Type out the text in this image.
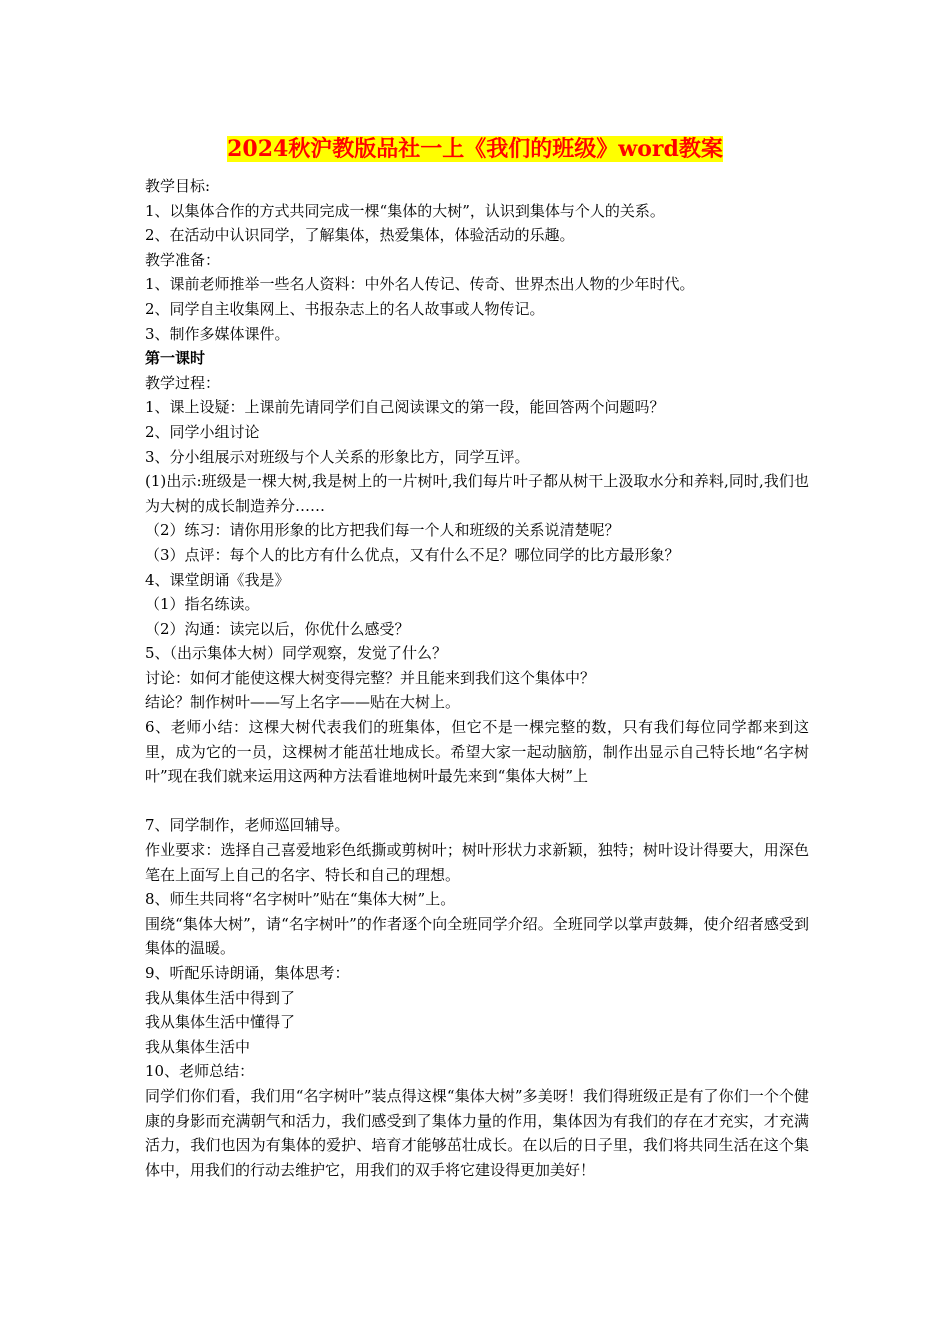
2024秋沪教版品社一上《我们的班级》word教案
教学目标:
1、以集体合作的方式共同完成一棵“集体的大树”，认识到集体与个人的关系。
2、在活动中认识同学，了解集体，热爱集体，体验活动的乐趣。
教学准备：
1、课前老师推举一些名人资料：中外名人传记、传奇、世界杰出人物的少年时代。
2、同学自主收集网上、书报杂志上的名人故事或人物传记。
3、制作多媒体课件。
第一课时
教学过程：
1、课上设疑：上课前先请同学们自己阅读课文的第一段，能回答两个问题吗？
2、同学小组讨论
3、分小组展示对班级与个人关系的形象比方，同学互评。
(1)出示:班级是一棵大树,我是树上的一片树叶,我们每片叶子都从树干上汲取水分和养料,同时,我们也为大树的成长制造养分……
（2）练习：请你用形象的比方把我们每一个人和班级的关系说清楚呢？
（3）点评：每个人的比方有什么优点，又有什么不足？哪位同学的比方最形象？
4、课堂朗诵《我是》
（1）指名练读。
（2）沟通：读完以后，你优什么感受？
5、（出示集体大树）同学观察，发觉了什么？
讨论：如何才能使这棵大树变得完整？并且能来到我们这个集体中？
结论？制作树叶——写上名字——贴在大树上。
6、老师小结：这棵大树代表我们的班集体，但它不是一棵完整的数，只有我们每位同学都来到这里，成为它的一员，这棵树才能茁壮地成长。希望大家一起动脑筋，制作出显示自己特长地“名字树叶”现在我们就来运用这两种方法看谁地树叶最先来到“集体大树”上
7、同学制作，老师巡回辅导。
作业要求：选择自己喜爱地彩色纸撕或剪树叶；树叶形状力求新颖，独特；树叶设计得要大，用深色笔在上面写上自己的名字、特长和自己的理想。
8、师生共同将“名字树叶”贴在“集体大树”上。
围绕“集体大树”，请“名字树叶”的作者逐个向全班同学介绍。全班同学以掌声鼓舞，使介绍者感受到集体的温暖。
9、听配乐诗朗诵，集体思考：
我从集体生活中得到了
我从集体生活中懂得了
我从集体生活中
10、老师总结：
同学们你们看，我们用“名字树叶”装点得这棵“集体大树”多美呀！我们得班级正是有了你们一个个健康的身影而充满朝气和活力，我们感受到了集体力量的作用，集体因为有我们的存在才充实，才充满活力，我们也因为有集体的爱护、培育才能够茁壮成长。在以后的日子里，我们将共同生活在这个集体中，用我们的行动去维护它，用我们的双手将它建设得更加美好！
